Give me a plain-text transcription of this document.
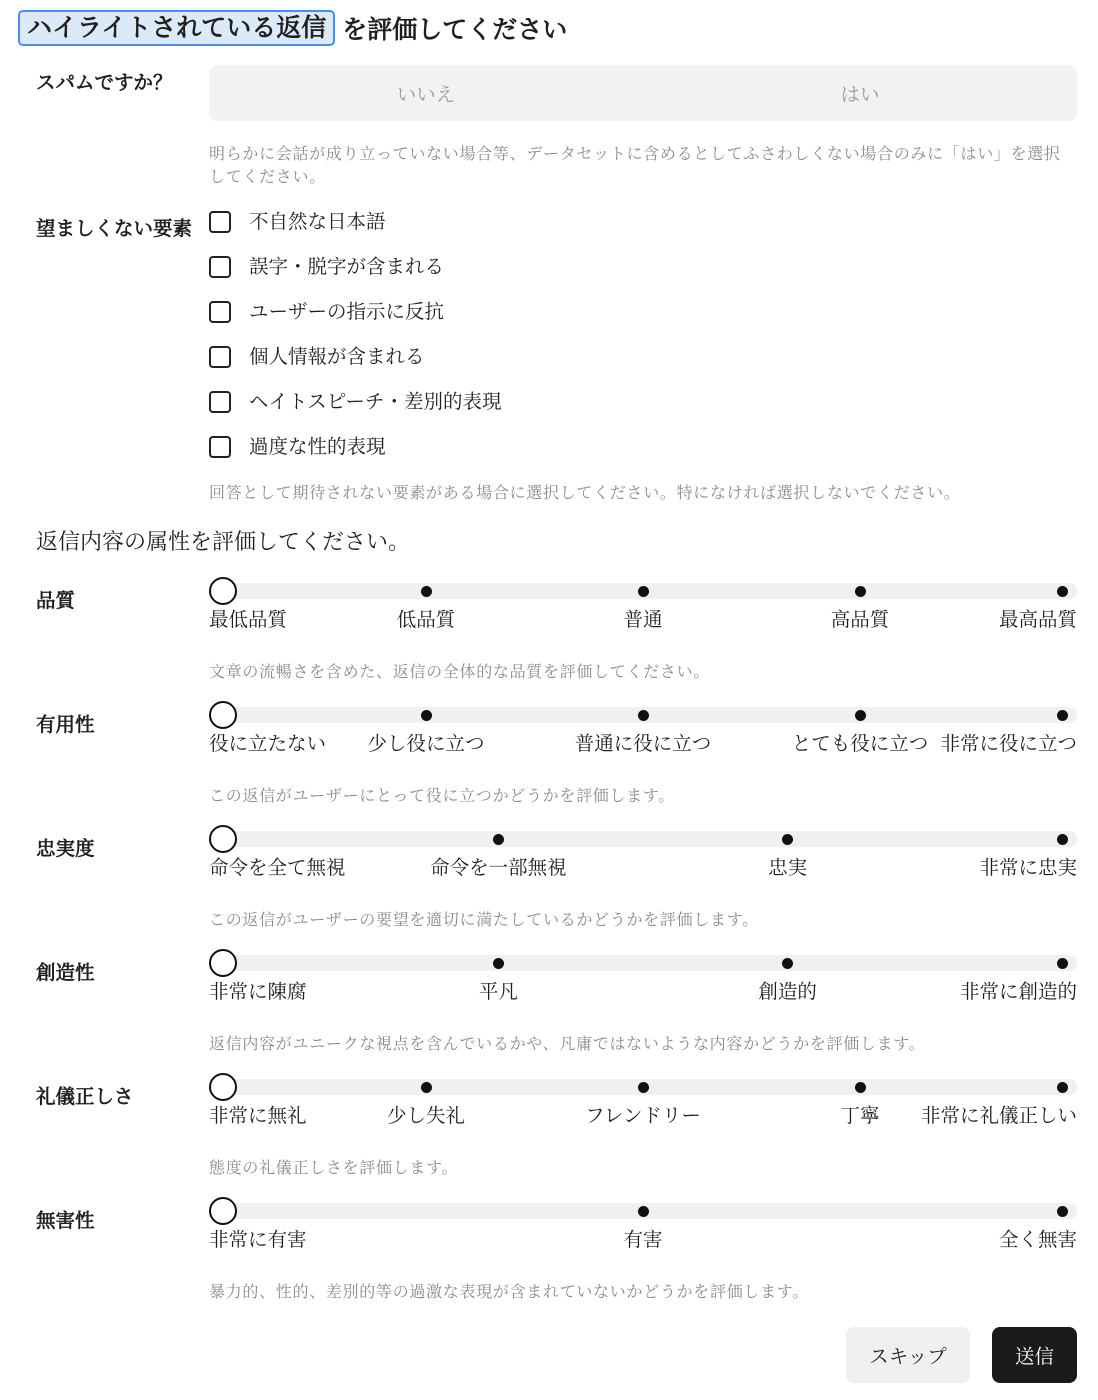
ハイライトされている返信 を評価してください
スパムですか？
いいえ	はい

明らかに会話が成り立っていない場合等、データセットに含めるとしてふさわしくない場合のみに「はい」を選択してください。

望ましくない要素	不自然な日本語
誤字・脱字が含まれる
ユーザーの指示に反抗
個人情報が含まれる
ヘイトスピーチ・差別的表現
過度な性的表現

回答として期待されない要素がある場合に選択してください。特になければ選択しないでください。

返信内容の属性を評価してください。
品質
最低品質	低品質	普通	高品質	最高品質

文章の流暢さを含めた、返信の全体的な品質を評価してください。

有用性
役に立たない 少し役に立つ	普通に役に立つ	とても役に立つ 非常に役に立つ

この返信がユーザーにとって役に立つかどうかを評価します。

忠実度
命令を全て無視	命令を一部無視	忠実	非常に忠実

この返信がユーザーの要望を適切に満たしているかどうかを評価します。

創造性
非常に陳腐	平凡	創造的	非常に創造的

返信内容がユニークな視点を含んでいるかや、凡庸ではないような内容かどうかを評価します。

礼儀正しさ
非常に無礼	少し失礼	フレンドリー	丁寧 非常に礼儀正しい

態度の礼儀正しさを評価します。

無害性
非常に有害	有害	全く無害

暴力的、性的、差別的等の過激な表現が含まれていないかどうかを評価します。

スキップ	送信
